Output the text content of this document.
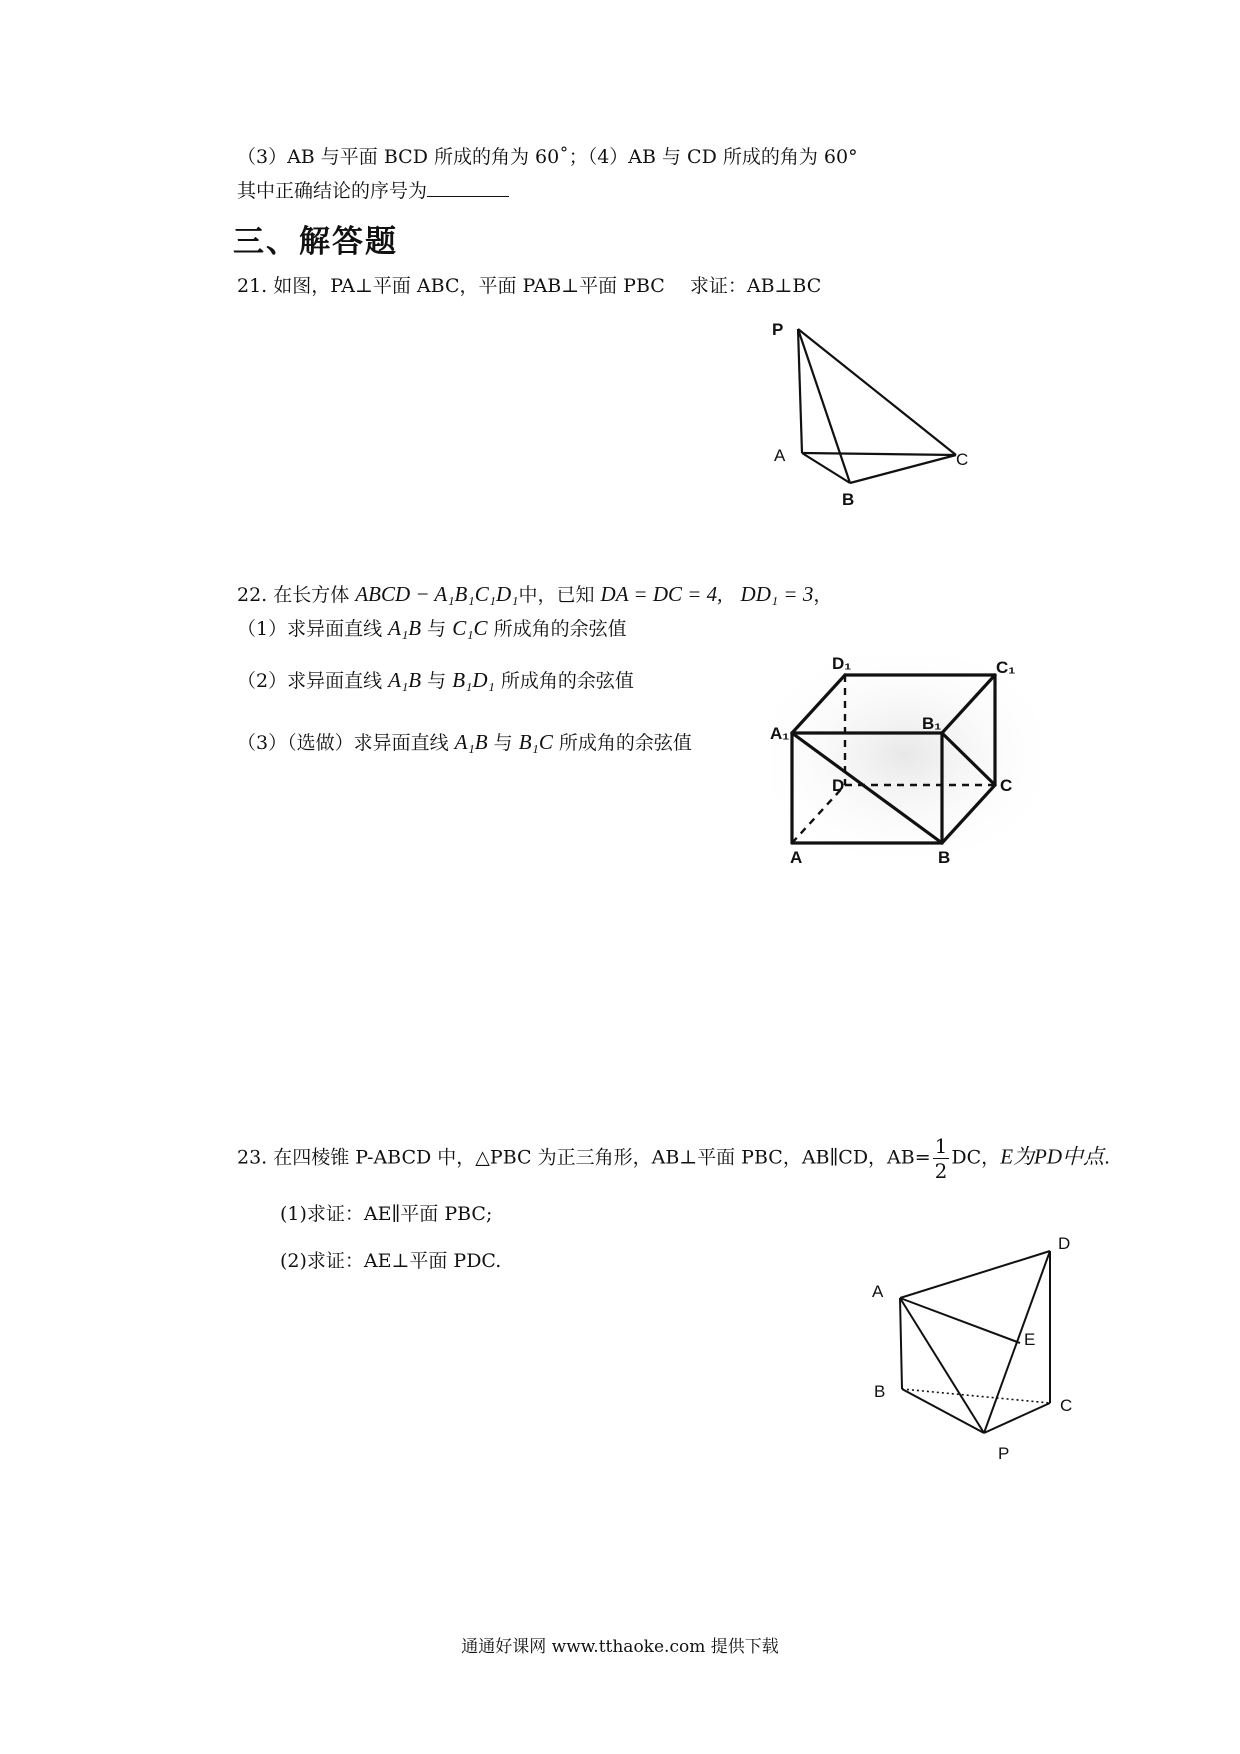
（3）AB 与平面 BCD 所成的角为 60˚；（4）AB 与 CD 所成的角为 60°
其中正确结论的序号为
三、解答题
21. 如图，PA⊥平面 ABC，平面 PAB⊥平面 PBC　 求证：AB⊥BC
P
A
B
C
22. 在长方体 ABCD − A₁B₁C₁D₁中，已知 DA = DC = 4, DD₁ = 3，
（1）求异面直线 A₁B 与 C₁C 所成角的余弦值
（2）求异面直线 A₁B 与 B₁D₁ 所成角的余弦值
（3）（选做）求异面直线 A₁B 与 B₁C 所成角的余弦值
D₁	C₁
A₁
B₁
D	C
A	B
23. 在四棱锥 P-ABCD 中，△PBC 为正三角形，AB⊥平面 PBC，AB∥CD，$AB= \frac{1}{2}$ DC，E为PD中点.
(1)求证：AE∥平面 PBC;
(2)求证：AE⊥平面 PDC.
D
A
E
B
C
P
通通好课网 www.tthaoke.com 提供下载
